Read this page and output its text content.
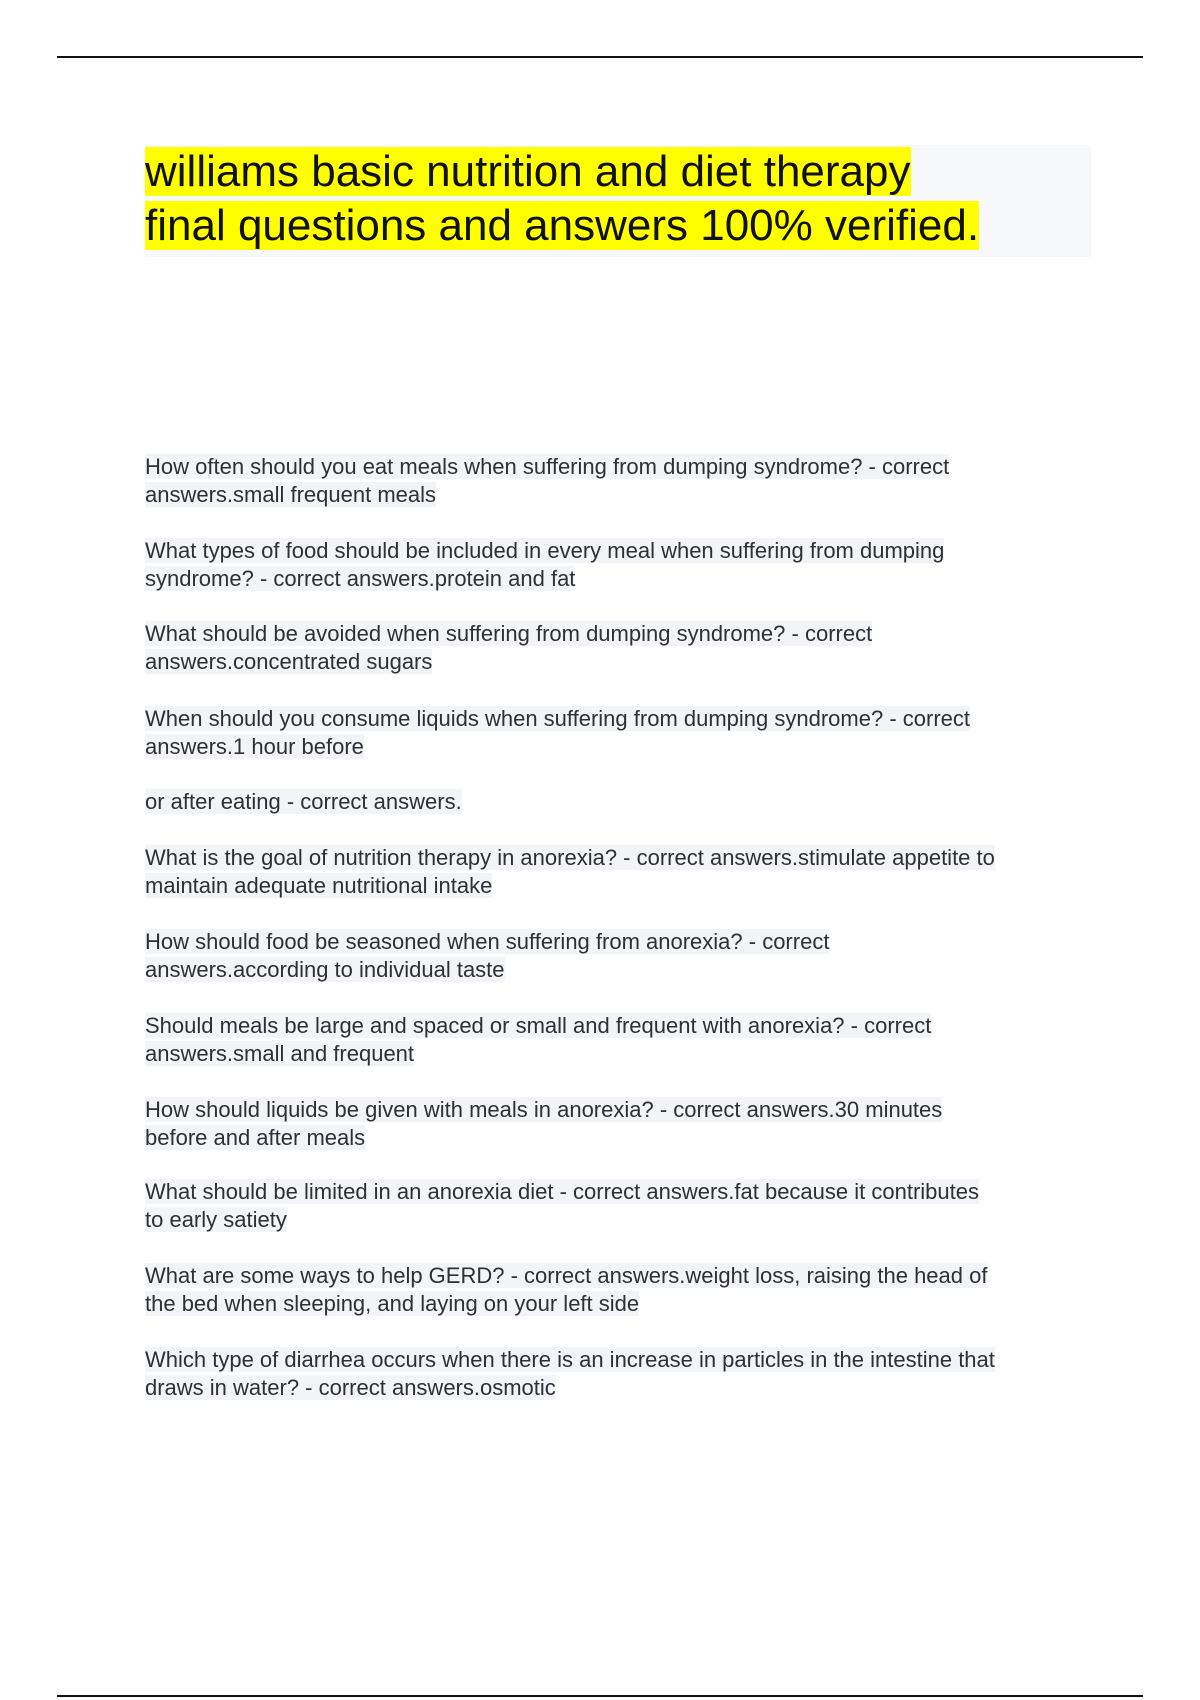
williams basic nutrition and diet therapy
final questions and answers 100% verified.

How often should you eat meals when suffering from dumping syndrome? - correct
answers.small frequent meals

What types of food should be included in every meal when suffering from dumping
syndrome? - correct answers.protein and fat

What should be avoided when suffering from dumping syndrome? - correct
answers.concentrated sugars

When should you consume liquids when suffering from dumping syndrome? - correct
answers.1 hour before

or after eating - correct answers.

What is the goal of nutrition therapy in anorexia? - correct answers.stimulate appetite to
maintain adequate nutritional intake

How should food be seasoned when suffering from anorexia? - correct
answers.according to individual taste

Should meals be large and spaced or small and frequent with anorexia? - correct
answers.small and frequent

How should liquids be given with meals in anorexia? - correct answers.30 minutes
before and after meals

What should be limited in an anorexia diet - correct answers.fat because it contributes
to early satiety

What are some ways to help GERD? - correct answers.weight loss, raising the head of
the bed when sleeping, and laying on your left side

Which type of diarrhea occurs when there is an increase in particles in the intestine that
draws in water? - correct answers.osmotic
